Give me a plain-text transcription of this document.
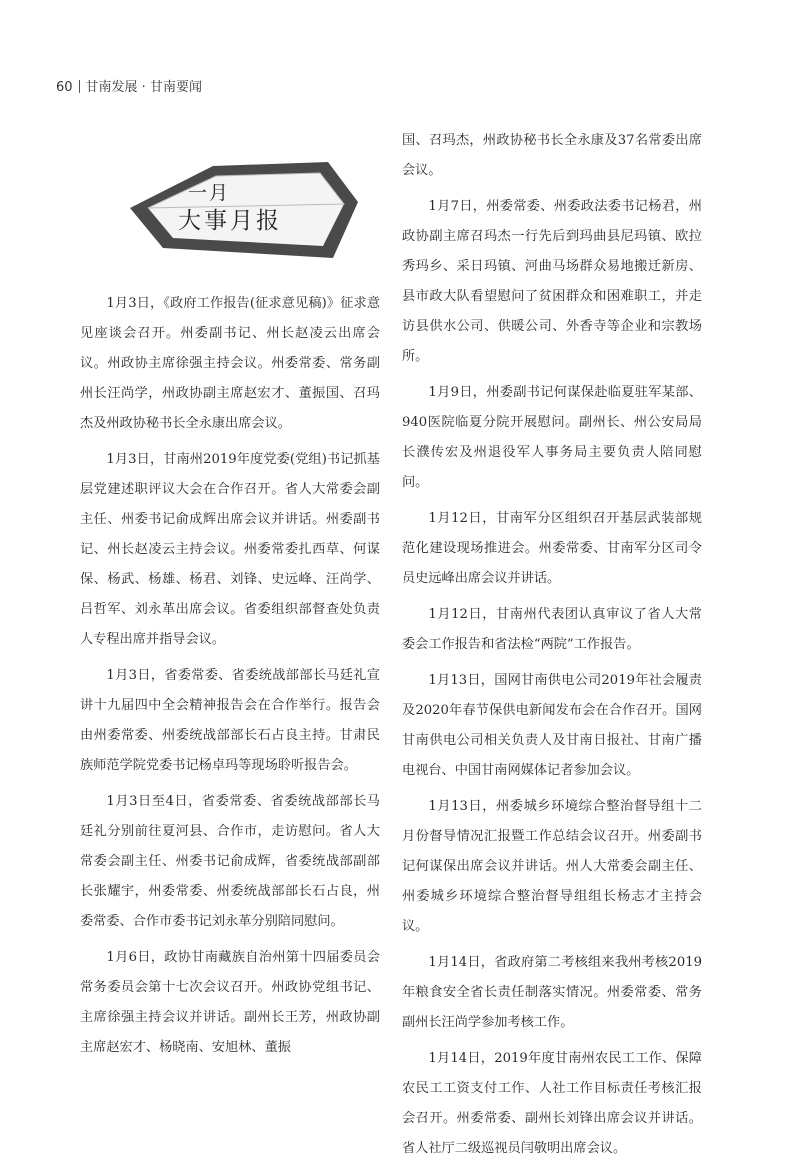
60 甘南发展 · 甘南要闻
一月
大事月报

1月3日，《政府工作报告(征求意见稿)》征求意见座谈会召开。州委副书记、州长赵凌云出席会议。州政协主席徐强主持会议。州委常委、常务副州长汪尚学，州政协副主席赵宏才、董振国、召玛杰及州政协秘书长全永康出席会议。

1月3日，甘南州2019年度党委(党组)书记抓基层党建述职评议大会在合作召开。省人大常委会副主任、州委书记俞成辉出席会议并讲话。州委副书记、州长赵凌云主持会议。州委常委扎西草、何谋保、杨武、杨雄、杨君、刘锋、史远峰、汪尚学、吕哲军、刘永革出席会议。省委组织部督查处负责人专程出席并指导会议。

1月3日，省委常委、省委统战部部长马廷礼宣讲十九届四中全会精神报告会在合作举行。报告会由州委常委、州委统战部部长石占良主持。甘肃民族师范学院党委书记杨卓玛等现场聆听报告会。

1月3日至4日，省委常委、省委统战部部长马廷礼分别前往夏河县、合作市，走访慰问。省人大常委会副主任、州委书记俞成辉，省委统战部副部长张耀宇，州委常委、州委统战部部长石占良，州委常委、合作市委书记刘永革分别陪同慰问。

1月6日，政协甘南藏族自治州第十四届委员会常务委员会第十七次会议召开。州政协党组书记、主席徐强主持会议并讲话。副州长王芳，州政协副主席赵宏才、杨晓南、安旭林、董振

国、召玛杰，州政协秘书长全永康及37名常委出席会议。

1月7日，州委常委、州委政法委书记杨君，州政协副主席召玛杰一行先后到玛曲县尼玛镇、欧拉秀玛乡、采日玛镇、河曲马场群众易地搬迁新房、县市政大队看望慰问了贫困群众和困难职工，并走访县供水公司、供暖公司、外香寺等企业和宗教场所。

1月9日，州委副书记何谋保赴临夏驻军某部、940医院临夏分院开展慰问。副州长、州公安局局长濮传宏及州退役军人事务局主要负责人陪同慰问。

1月12日，甘南军分区组织召开基层武装部规范化建设现场推进会。州委常委、甘南军分区司令员史远峰出席会议并讲话。

1月12日，甘南州代表团认真审议了省人大常委会工作报告和省法检“两院”工作报告。

1月13日，国网甘南供电公司2019年社会履责及2020年春节保供电新闻发布会在合作召开。国网甘南供电公司相关负责人及甘南日报社、甘南广播电视台、中国甘南网媒体记者参加会议。

1月13日，州委城乡环境综合整治督导组十二月份督导情况汇报暨工作总结会议召开。州委副书记何谋保出席会议并讲话。州人大常委会副主任、州委城乡环境综合整治督导组组长杨志才主持会议。

1月14日，省政府第二考核组来我州考核2019年粮食安全省长责任制落实情况。州委常委、常务副州长汪尚学参加考核工作。

1月14日，2019年度甘南州农民工工作、保障农民工工资支付工作、人社工作目标责任考核汇报会召开。州委常委、副州长刘锋出席会议并讲话。省人社厅二级巡视员闫敬明出席会议。
